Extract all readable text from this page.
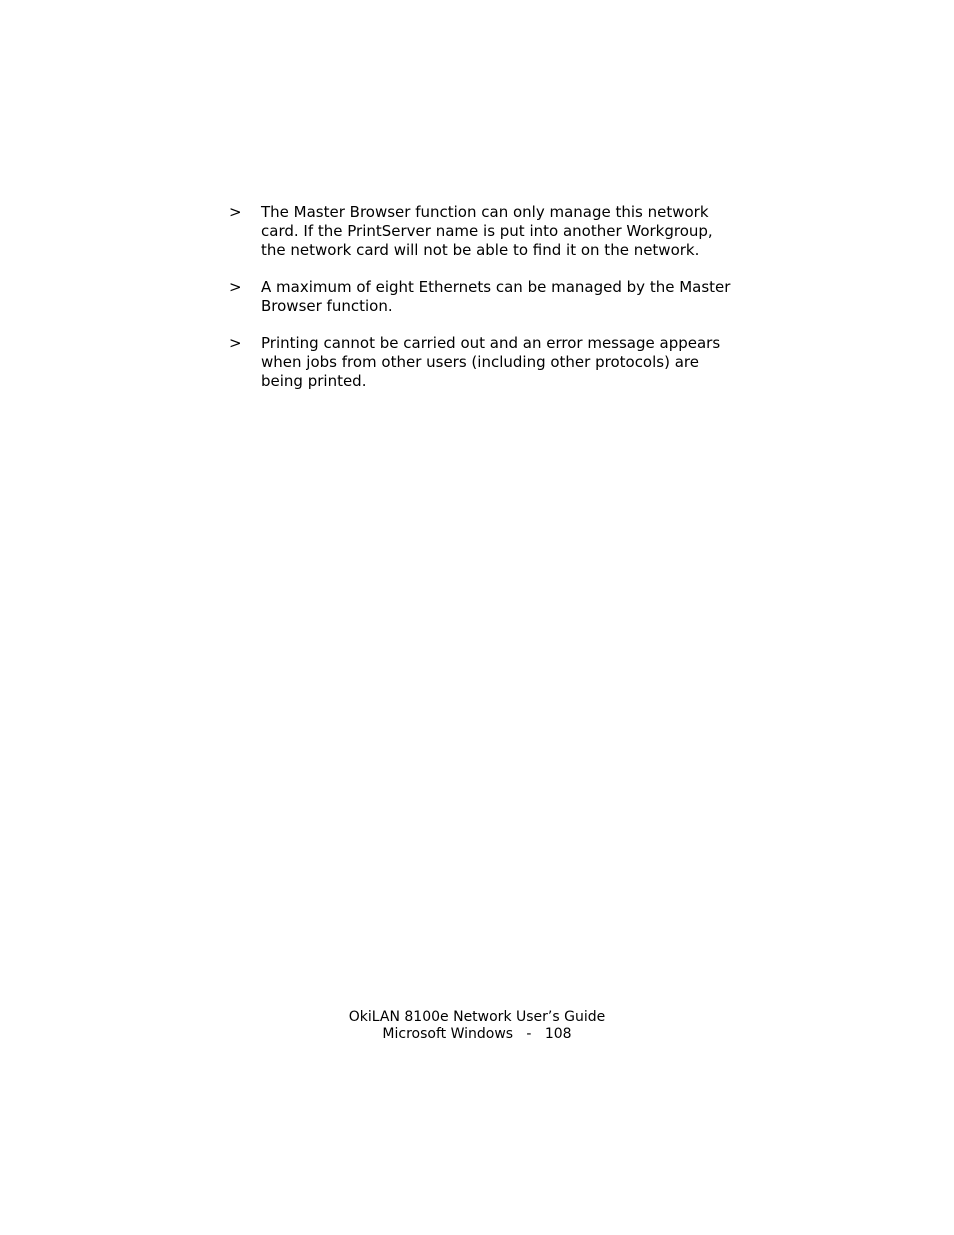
>	The Master Browser function can only manage this network
card. If the PrintServer name is put into another Workgroup,
the network card will not be able to find it on the network.
>	A maximum of eight Ethernets can be managed by the Master
Browser function.
>	Printing cannot be carried out and an error message appears
when jobs from other users (including other protocols) are
being printed.
OkiLAN 8100e Network User’s Guide
Microsoft Windows   -   108
